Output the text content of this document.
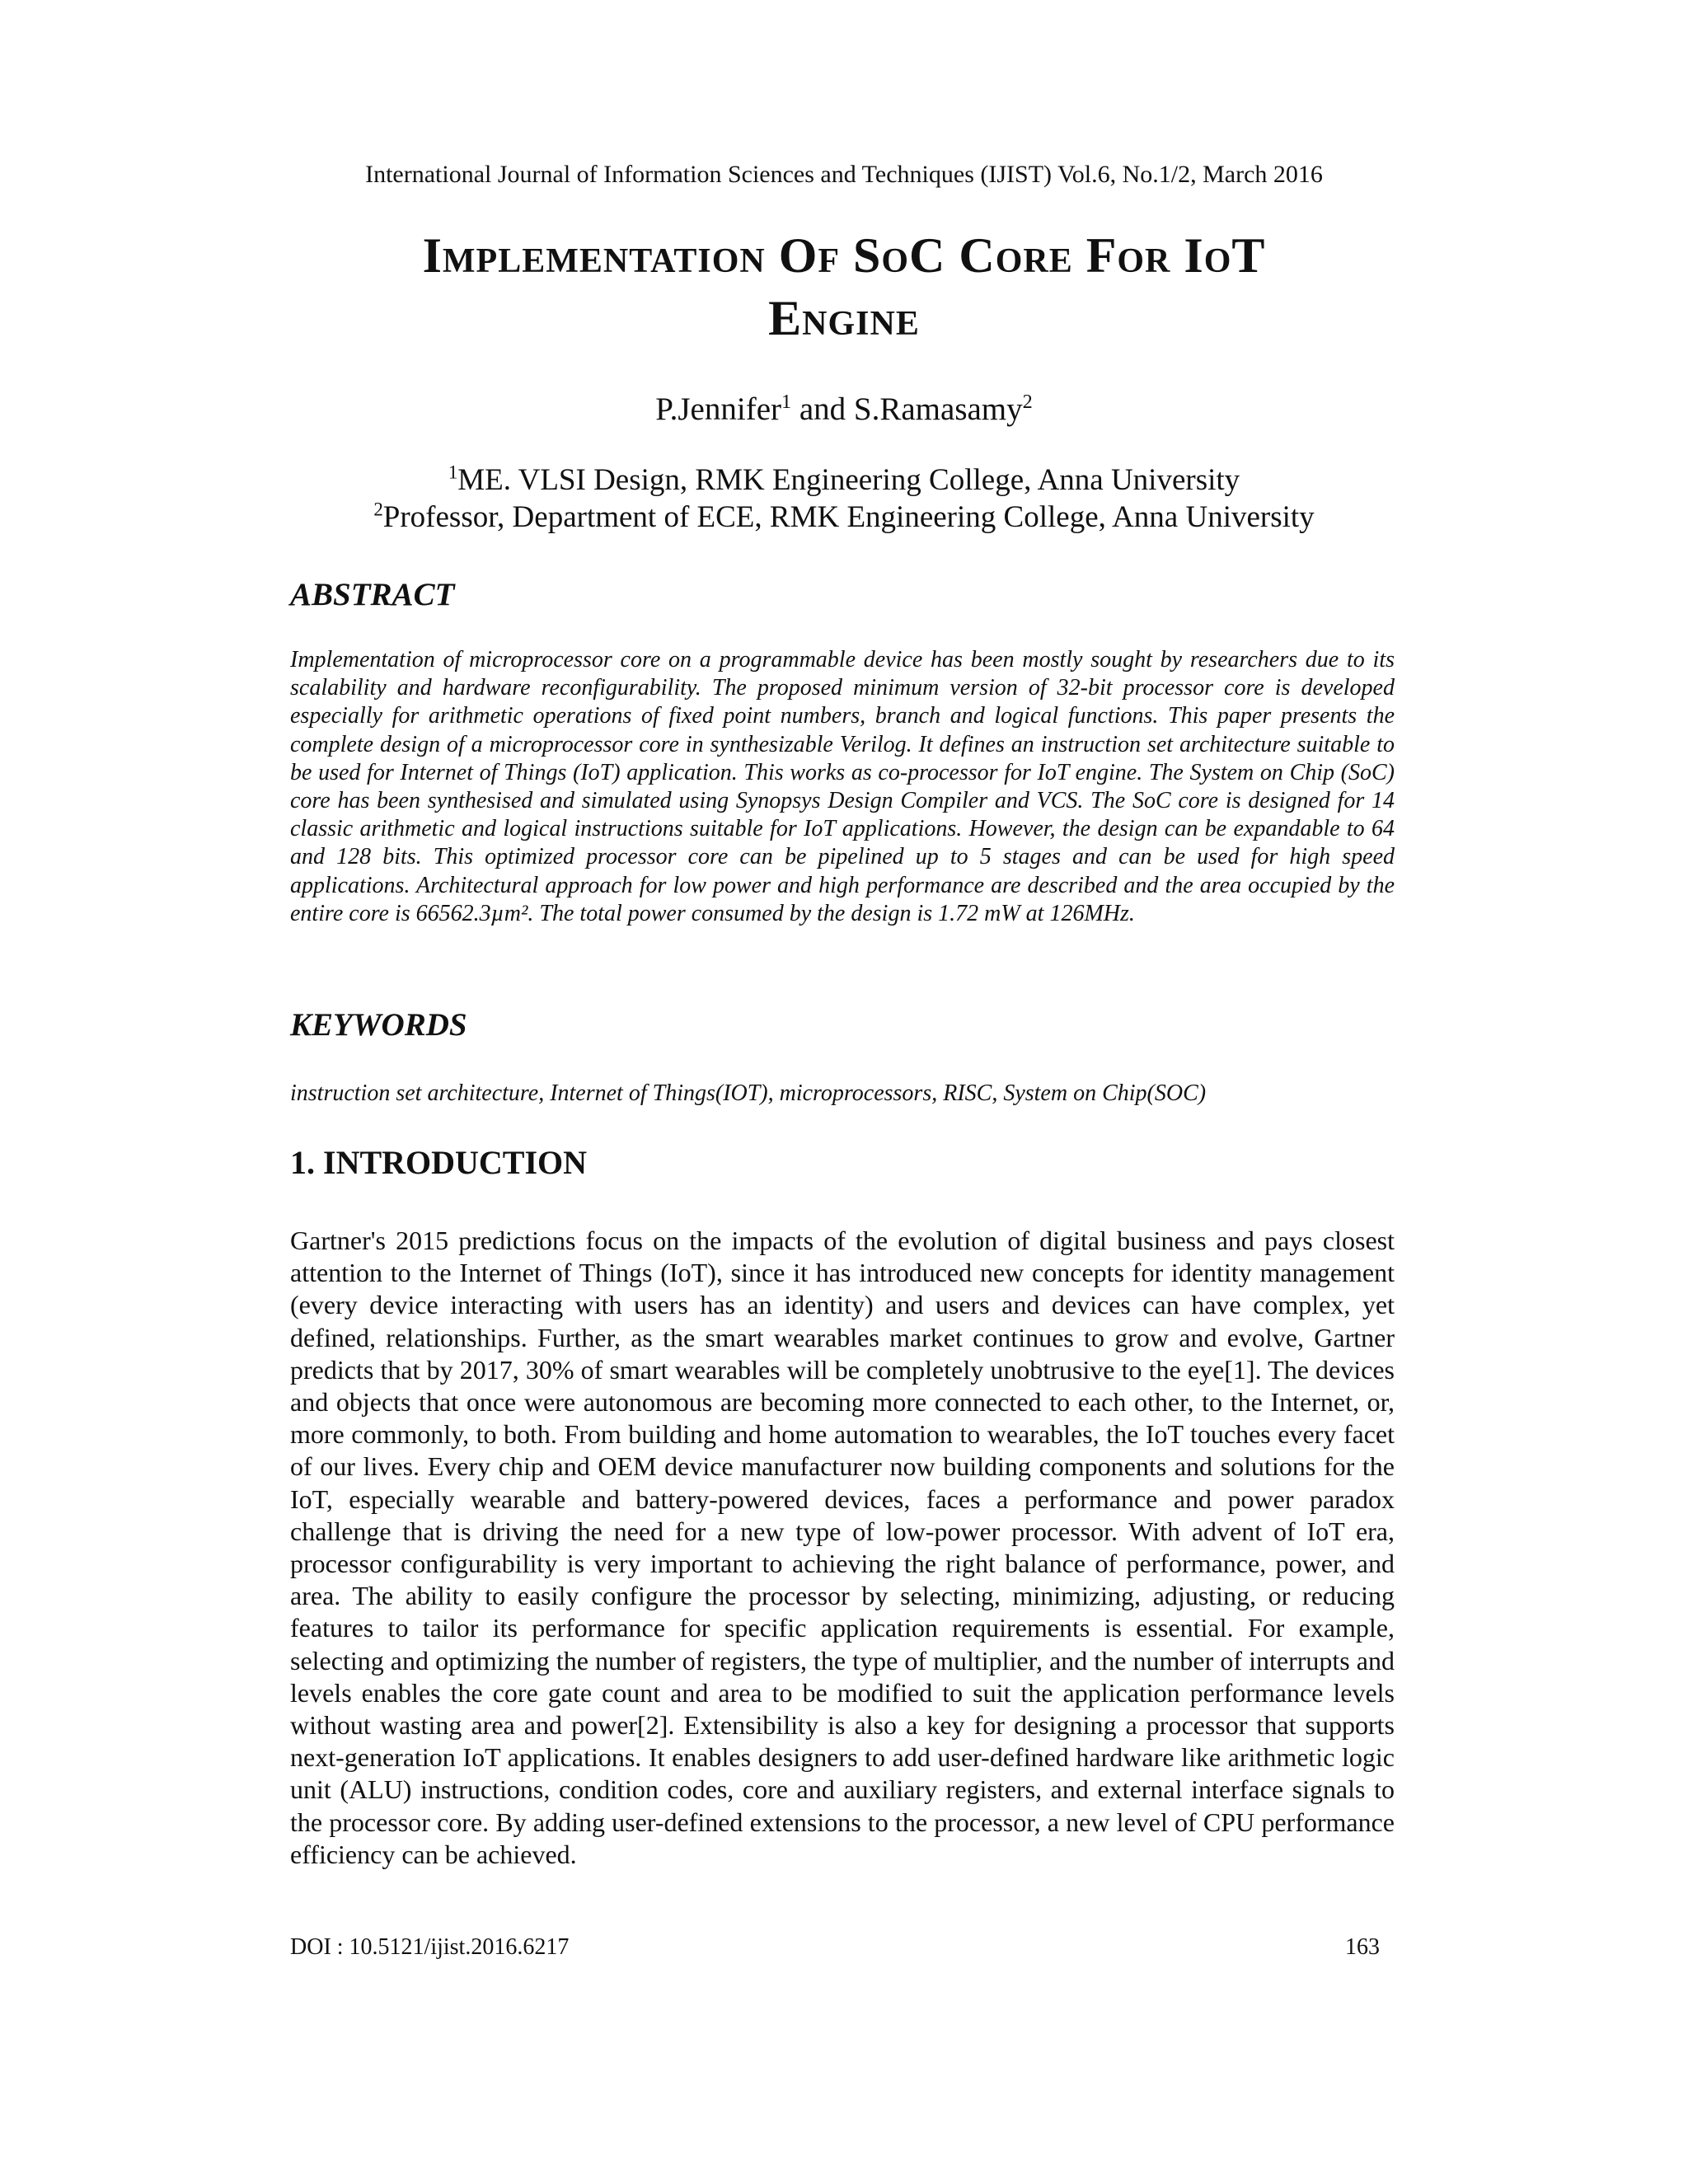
International Journal of Information Sciences and Techniques (IJIST) Vol.6, No.1/2, March 2016
Implementation Of SoC Core For IoT
Engine
P.Jennifer$^1$ and S.Ramasamy$^2$
$^1$ME. VLSI Design, RMK Engineering College, Anna University
$^2$Professor, Department of ECE, RMK Engineering College, Anna University
ABSTRACT

Implementation of microprocessor core on a programmable device has been mostly sought by researchers due to its scalability and hardware reconfigurability. The proposed minimum version of 32-bit processor core is developed especially for arithmetic operations of fixed point numbers, branch and logical functions. This paper presents the complete design of a microprocessor core in synthesizable Verilog. It defines an instruction set architecture suitable to be used for Internet of Things (IoT) application. This works as co-processor for IoT engine. The System on Chip (SoC) core has been synthesised and simulated using Synopsys Design Compiler and VCS. The SoC core is designed for 14 classic arithmetic and logical instructions suitable for IoT applications. However, the design can be expandable to 64 and 128 bits. This optimized processor core can be pipelined up to 5 stages and can be used for high speed applications. Architectural approach for low power and high performance are described and the area occupied by the entire core is 66562.3µm². The total power consumed by the design is 1.72 mW at 126MHz.

KEYWORDS

instruction set architecture, Internet of Things(IOT), microprocessors, RISC, System on Chip(SOC)

1. INTRODUCTION

Gartner's 2015 predictions focus on the impacts of the evolution of digital business and pays closest attention to the Internet of Things (IoT), since it has introduced new concepts for identity management (every device interacting with users has an identity) and users and devices can have complex, yet defined, relationships. Further, as the smart wearables market continues to grow and evolve, Gartner predicts that by 2017, 30% of smart wearables will be completely unobtrusive to the eye[1]. The devices and objects that once were autonomous are becoming more connected to each other, to the Internet, or, more commonly, to both. From building and home automation to wearables, the IoT touches every facet of our lives. Every chip and OEM device manufacturer now building components and solutions for the IoT, especially wearable and battery-powered devices, faces a performance and power paradox challenge that is driving the need for a new type of low-power processor. With advent of IoT era, processor configurability is very important to achieving the right balance of performance, power, and area. The ability to easily configure the processor by selecting, minimizing, adjusting, or reducing features to tailor its performance for specific application requirements is essential. For example, selecting and optimizing the number of registers, the type of multiplier, and the number of interrupts and levels enables the core gate count and area to be modified to suit the application performance levels without wasting area and power[2]. Extensibility is also a key for designing a processor that supports next-generation IoT applications. It enables designers to add user-defined hardware like arithmetic logic unit (ALU) instructions, condition codes, core and auxiliary registers, and external interface signals to the processor core. By adding user-defined extensions to the processor, a new level of CPU performance efficiency can be achieved.

DOI : 10.5121/ijist.2016.6217	163
